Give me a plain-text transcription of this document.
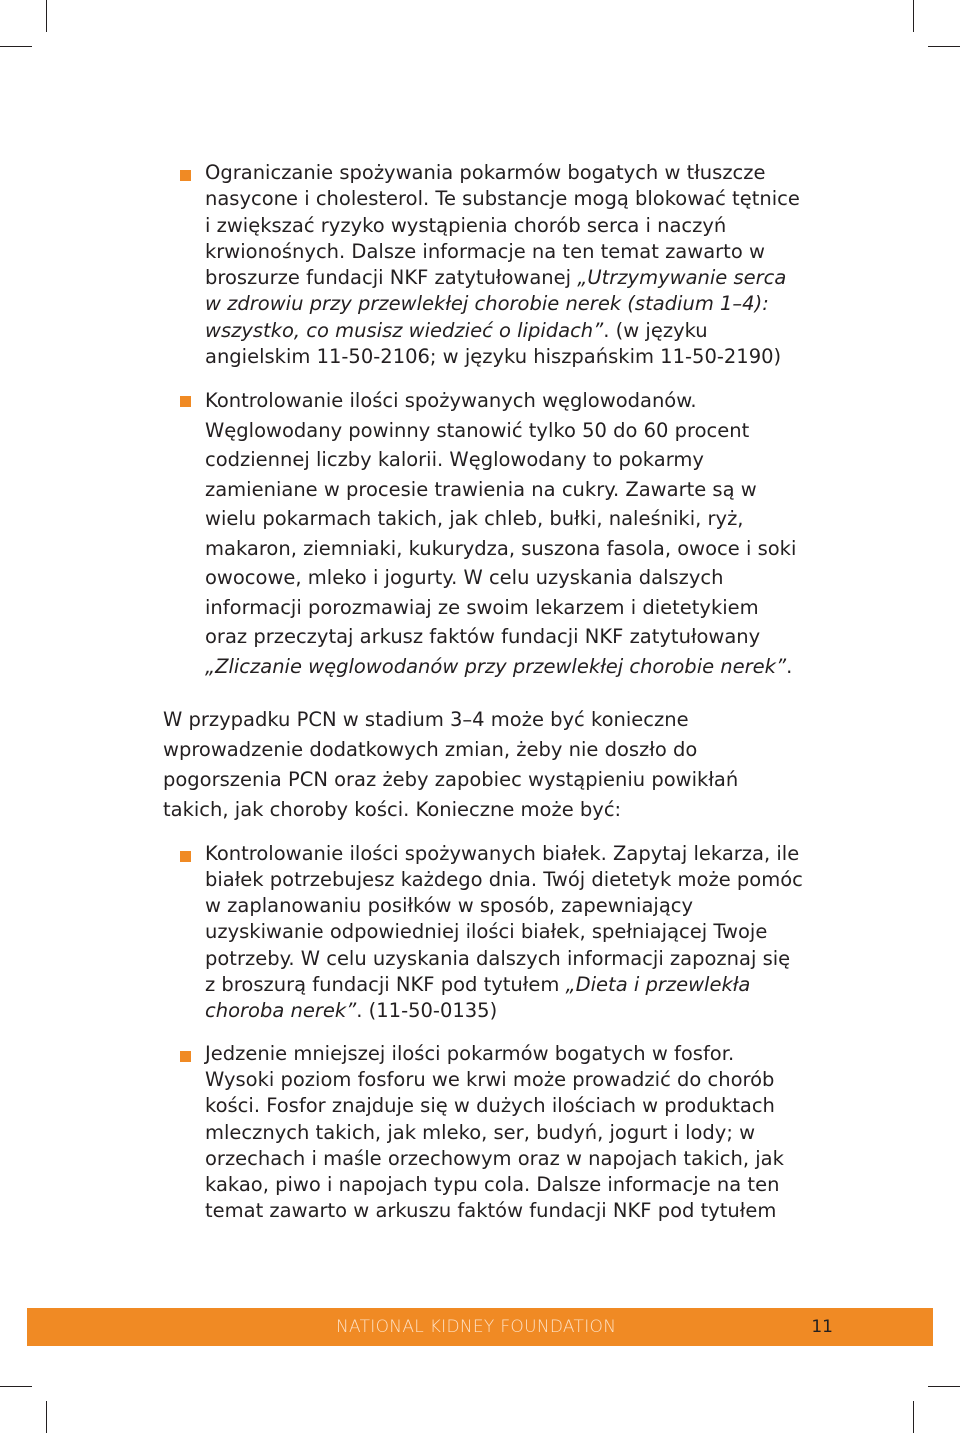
Ograniczanie spożywania pokarmów bogatych w tłuszcze nasycone i cholesterol. Te substancje mogą blokować tętnice i zwiększać ryzyko wystąpienia chorób serca i naczyń krwionośnych. Dalsze informacje na ten temat zawarto w broszurze fundacji NKF zatytułowanej „Utrzymywanie serca w zdrowiu przy przewlekłej chorobie nerek (stadium 1–4): wszystko, co musisz wiedzieć o lipidach”. (w języku angielskim 11-50-2106; w języku hiszpańskim 11-50-2190)
Kontrolowanie ilości spożywanych węglowodanów. Węglowodany powinny stanowić tylko 50 do 60 procent codziennej liczby kalorii. Węglowodany to pokarmy zamieniane w procesie trawienia na cukry. Zawarte są w wielu pokarmach takich, jak chleb, bułki, naleśniki, ryż, makaron, ziemniaki, kukurydza, suszona fasola, owoce i soki owocowe, mleko i jogurty. W celu uzyskania dalszych informacji porozmawiaj ze swoim lekarzem i dietetykiem oraz przeczytaj arkusz faktów fundacji NKF zatytułowany „Zliczanie węglowodanów przy przewlekłej chorobie nerek”.

W przypadku PCN w stadium 3–4 może być konieczne wprowadzenie dodatkowych zmian, żeby nie doszło do pogorszenia PCN oraz żeby zapobiec wystąpieniu powikłań takich, jak choroby kości. Konieczne może być:

Kontrolowanie ilości spożywanych białek. Zapytaj lekarza, ile białek potrzebujesz każdego dnia. Twój dietetyk może pomóc w zaplanowaniu posiłków w sposób, zapewniający uzyskiwanie odpowiedniej ilości białek, spełniającej Twoje potrzeby. W celu uzyskania dalszych informacji zapoznaj się z broszurą fundacji NKF pod tytułem „Dieta i przewlekła choroba nerek”. (11-50-0135)
Jedzenie mniejszej ilości pokarmów bogatych w fosfor. Wysoki poziom fosforu we krwi może prowadzić do chorób kości. Fosfor znajduje się w dużych ilościach w produktach mlecznych takich, jak mleko, ser, budyń, jogurt i lody; w orzechach i maśle orzechowym oraz w napojach takich, jak kakao, piwo i napojach typu cola. Dalsze informacje na ten temat zawarto w arkuszu faktów fundacji NKF pod tytułem
NATIONAL KIDNEY FOUNDATION	11
